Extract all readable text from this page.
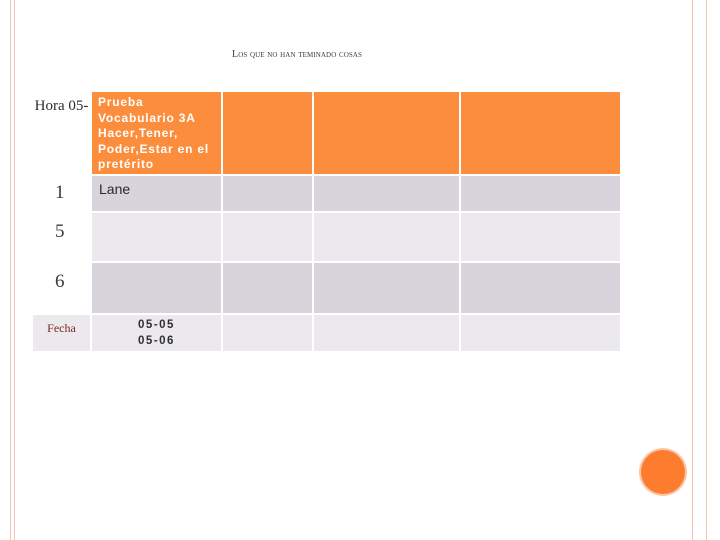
Los que no han teminado cosas
Hora 05-	Prueba Vocabulario 3A Hacer,Tener, Poder,Estar en el pretérito			

1	Lane			

5				

6				

Fecha	05-05
05-06			
